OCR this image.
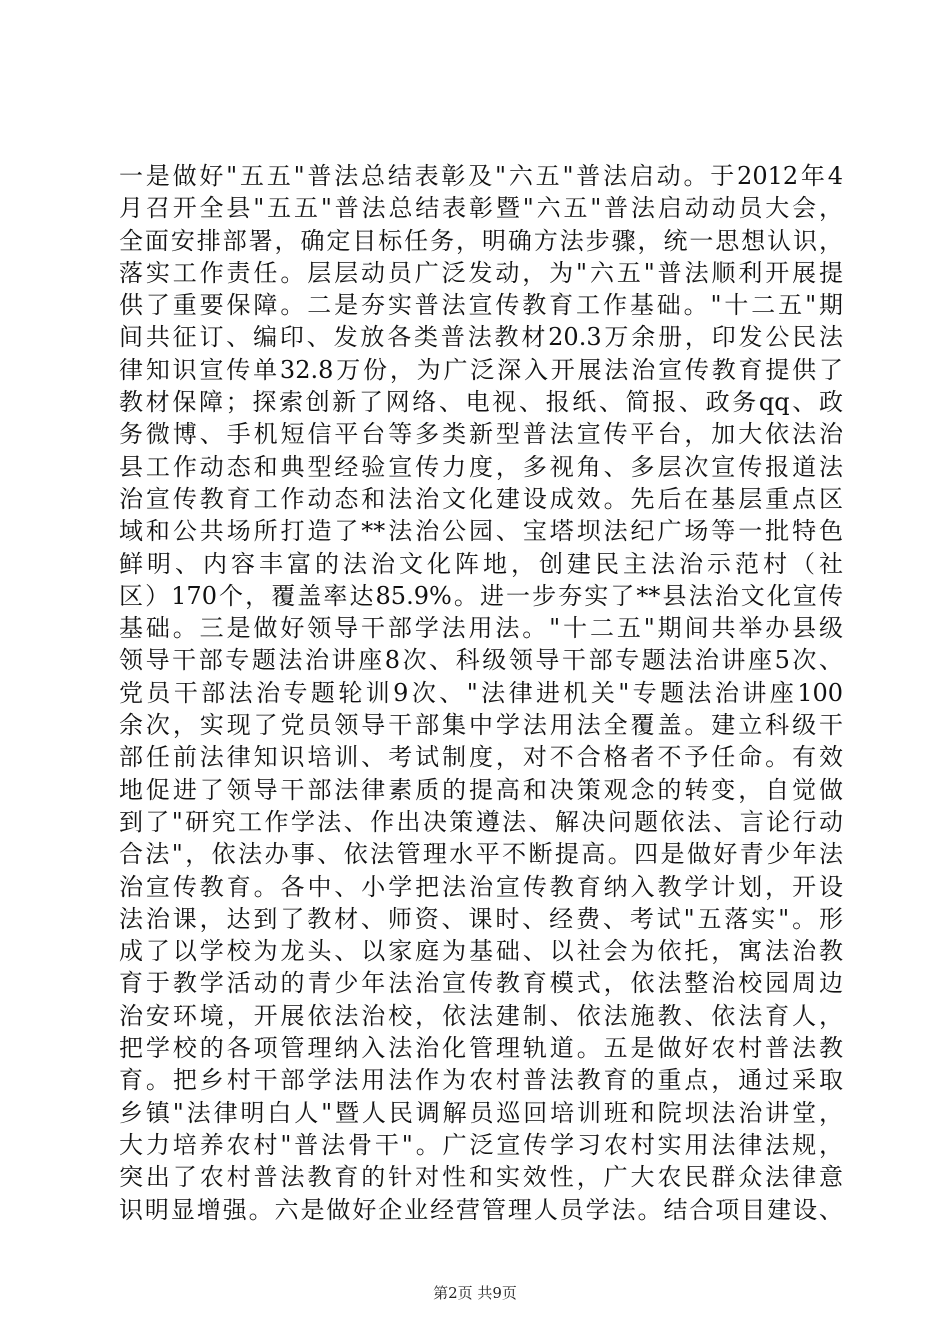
一是做好"五五"普法总结表彰及"六五"普法启动。于2012年4
月召开全县"五五"普法总结表彰暨"六五"普法启动动员大会，
全面安排部署，确定目标任务，明确方法步骤，统一思想认识，
落实工作责任。层层动员广泛发动，为"六五"普法顺利开展提
供了重要保障。二是夯实普法宣传教育工作基础。"十二五"期
间共征订、编印、发放各类普法教材20.3万余册，印发公民法
律知识宣传单32.8万份，为广泛深入开展法治宣传教育提供了
教材保障；探索创新了网络、电视、报纸、简报、政务qq、政
务微博、手机短信平台等多类新型普法宣传平台，加大依法治
县工作动态和典型经验宣传力度，多视角、多层次宣传报道法
治宣传教育工作动态和法治文化建设成效。先后在基层重点区
域和公共场所打造了**法治公园、宝塔坝法纪广场等一批特色
鲜明、内容丰富的法治文化阵地，创建民主法治示范村（社
区）170个，覆盖率达85.9%。进一步夯实了**县法治文化宣传
基础。三是做好领导干部学法用法。"十二五"期间共举办县级
领导干部专题法治讲座8次、科级领导干部专题法治讲座5次、
党员干部法治专题轮训9次、"法律进机关"专题法治讲座100
余次，实现了党员领导干部集中学法用法全覆盖。建立科级干
部任前法律知识培训、考试制度，对不合格者不予任命。有效
地促进了领导干部法律素质的提高和决策观念的转变，自觉做
到了"研究工作学法、作出决策遵法、解决问题依法、言论行动
合法"，依法办事、依法管理水平不断提高。四是做好青少年法
治宣传教育。各中、小学把法治宣传教育纳入教学计划，开设
法治课，达到了教材、师资、课时、经费、考试"五落实"。形
成了以学校为龙头、以家庭为基础、以社会为依托，寓法治教
育于教学活动的青少年法治宣传教育模式，依法整治校园周边
治安环境，开展依法治校，依法建制、依法施教、依法育人，
把学校的各项管理纳入法治化管理轨道。五是做好农村普法教
育。把乡村干部学法用法作为农村普法教育的重点，通过采取
乡镇"法律明白人"暨人民调解员巡回培训班和院坝法治讲堂，
大力培养农村"普法骨干"。广泛宣传学习农村实用法律法规，
突出了农村普法教育的针对性和实效性，广大农民群众法律意
识明显增强。六是做好企业经营管理人员学法。结合项目建设、
第2页 共9页
